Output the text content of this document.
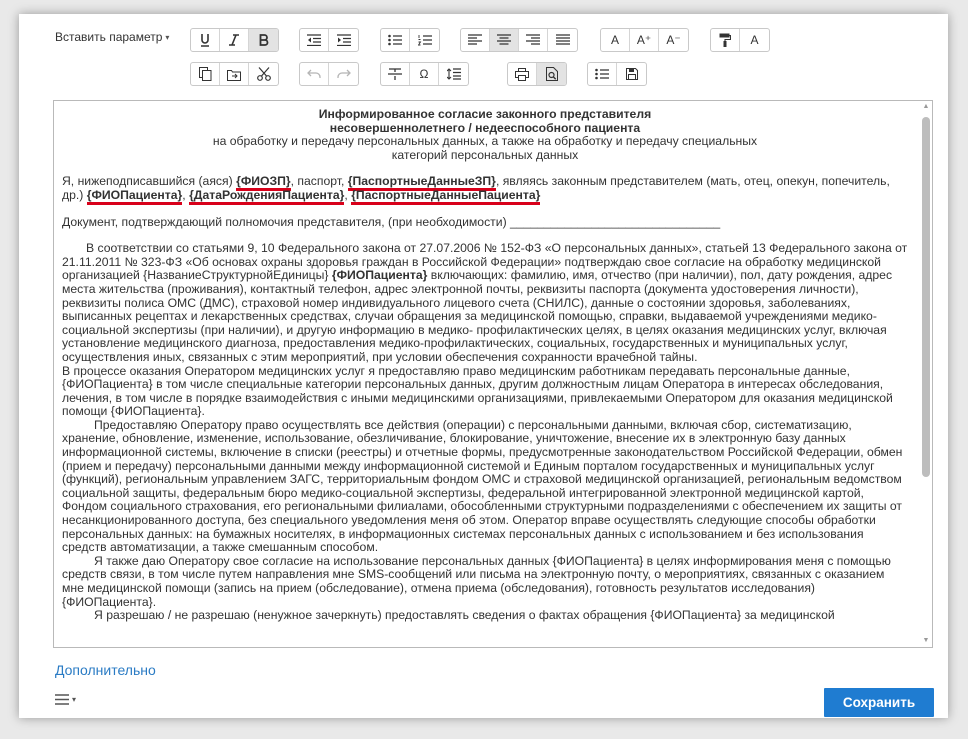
Вставить параметр ▾	A	A⁺	A⁻	A
Ω

Информированное согласие законного представителя

несовершеннолетнего / недееспособного пациента

на обработку и передачу персональных данных, а также на обработку и передачу специальных

категорий персональных данных

Я, нижеподписавшийся (аяся) {ФИОЗП}, паспорт, {ПаспортныеДанныеЗП}, являясь законным представителем (мать, отец, опекун, попечитель, др.) {ФИОПациента}, {ДатаРожденияПациента}, {ПаспортныеДанныеПациента}

Документ, подтверждающий полномочия представителя, (при необходимости) _______________________________

В соответствии со статьями 9, 10 Федерального закона от 27.07.2006 № 152-ФЗ «О персональных данных», статьей 13 Федерального закона от 21.11.2011 № 323-ФЗ «Об основах охраны здоровья граждан в Российской Федерации» подтверждаю свое согласие на обработку медицинской организацией {НазваниеСтруктурнойЕдиницы} {ФИОПациента} включающих: фамилию, имя, отчество (при наличии), пол, дату рождения, адрес места жительства (проживания), контактный телефон, адрес электронной почты, реквизиты паспорта (документа удостоверения личности), реквизиты полиса ОМС (ДМС), страховой номер индивидуального лицевого счета (СНИЛС), данные о состоянии здоровья, заболеваниях, выписанных рецептах и лекарственных средствах, случаи обращения за медицинской помощью, справки, выдаваемой учреждениями медико-социальной экспертизы (при наличии), и другую информацию в медико- профилактических целях, в целях оказания медицинских услуг, включая установление медицинского диагноза, предоставления медико-профилактических, социальных, государственных и муниципальных услуг, осуществления иных, связанных с этим мероприятий, при условии обеспечения сохранности врачебной тайны.

В процессе оказания Оператором медицинских услуг я предоставляю право медицинским работникам передавать персональные данные, {ФИОПациента} в том числе специальные категории персональных данных, другим должностным лицам Оператора в интересах обследования, лечения, в том числе в порядке взаимодействия с иными медицинскими организациями, привлекаемыми Оператором для оказания медицинской помощи {ФИОПациента}.

Предоставляю Оператору право осуществлять все действия (операции) с персональными данными, включая сбор, систематизацию, хранение, обновление, изменение, использование, обезличивание, блокирование, уничтожение, внесение их в электронную базу данных информационной системы, включение в списки (реестры) и отчетные формы, предусмотренные законодательством Российской Федерации, обмен (прием и передачу) персональными данными между информационной системой и Единым порталом государственных и муниципальных услуг (функций), региональным управлением ЗАГС, территориальным фондом ОМС и страховой медицинской организацией, региональным ведомством социальной защиты, федеральным бюро медико-социальной экспертизы, федеральной интегрированной электронной медицинской картой, Фондом социального страхования, его региональными филиалами, обособленными структурными подразделениями с обеспечением их защиты от несанкционированного доступа, без специального уведомления меня об этом. Оператор вправе осуществлять следующие способы обработки персональных данных: на бумажных носителях, в информационных системах персональных данных с использованием и без использования средств автоматизации, а также смешанным способом.

Я также даю Оператору свое согласие на использование персональных данных {ФИОПациента} в целях информирования меня с помощью средств связи, в том числе путем направления мне SMS-сообщений или письма на электронную почту, о мероприятиях, связанных с оказанием мне медицинской помощи (запись на прием (обследование), отмена приема (обследования), готовность результатов исследования) {ФИОПациента}.

Я разрешаю / не разрешаю (ненужное зачеркнуть) предоставлять сведения о фактах обращения {ФИОПациента} за медицинской

▲
▼
Дополнительно
▾	Сохранить
